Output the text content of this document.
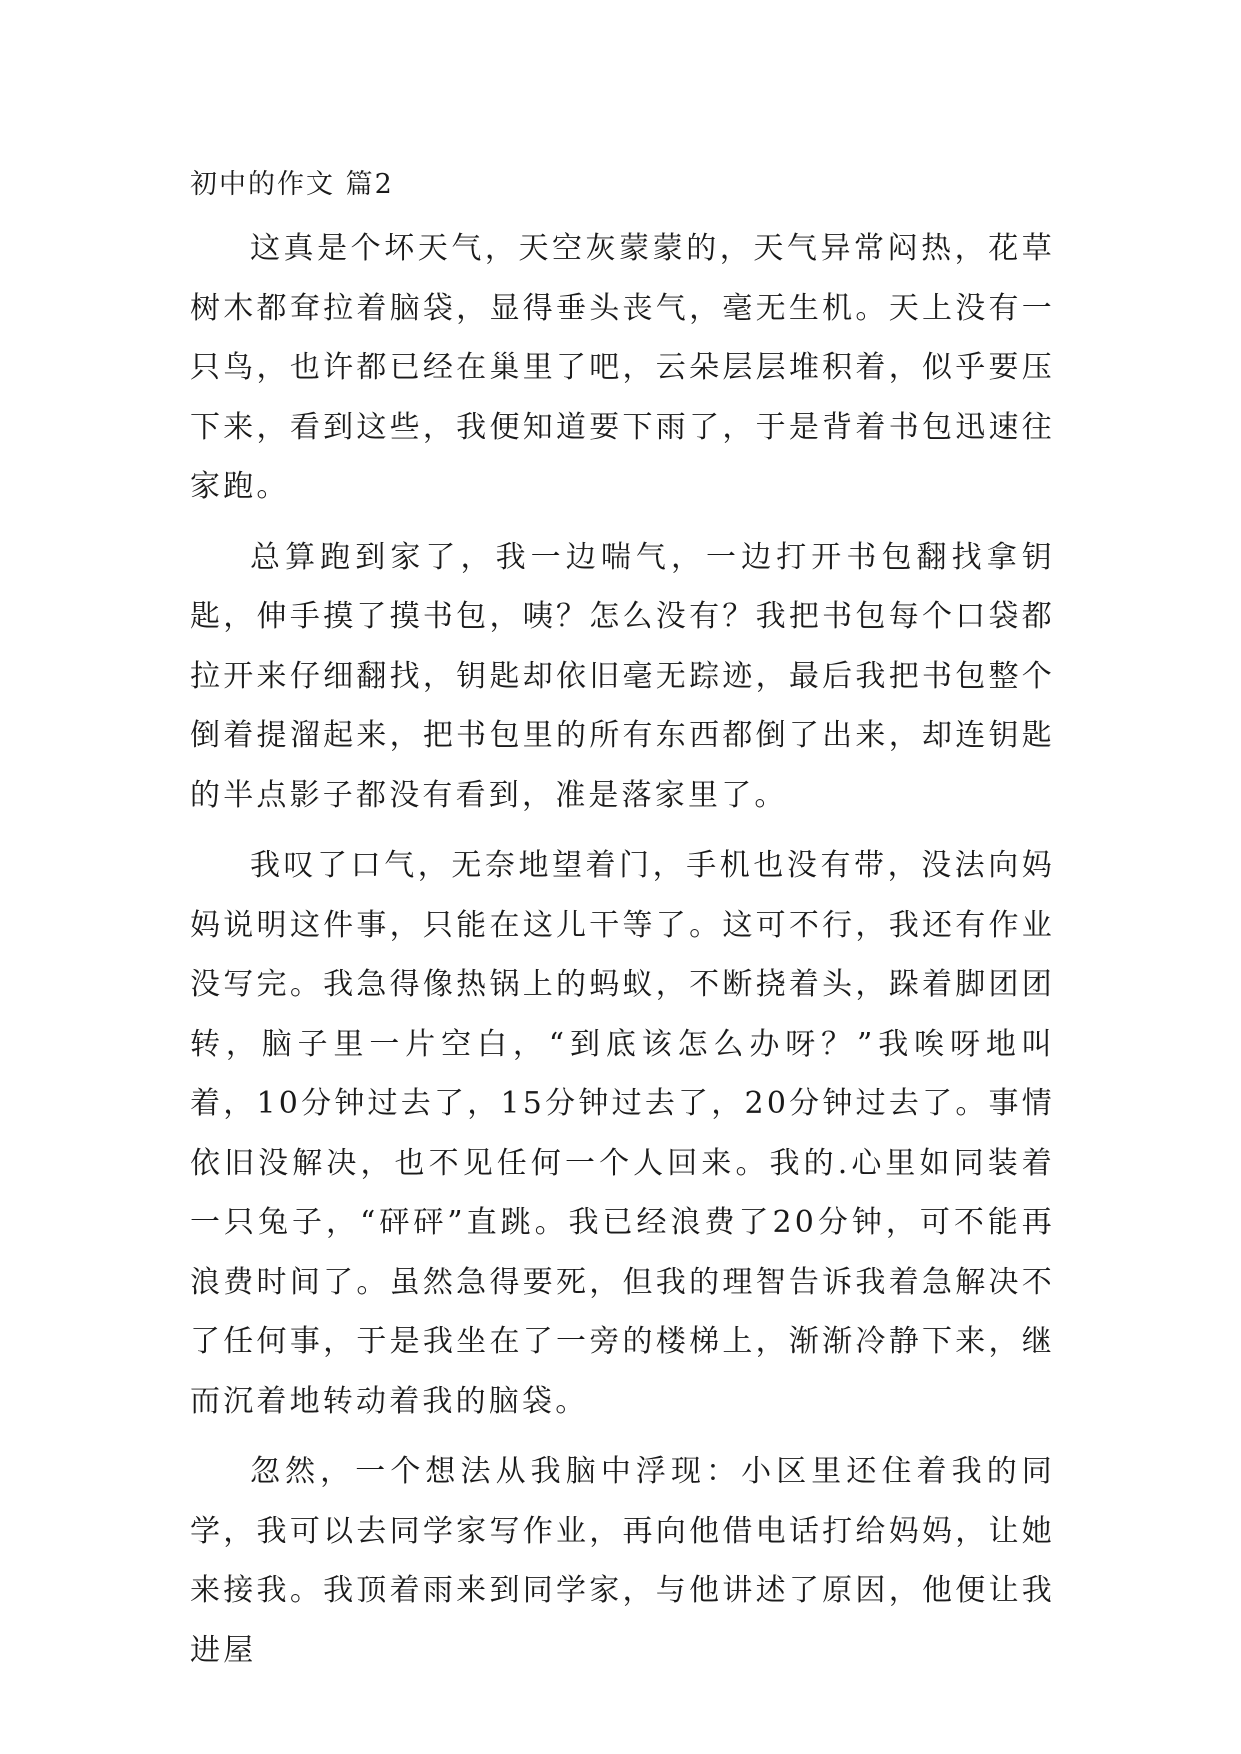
初中的作文 篇2

这真是个坏天气，天空灰蒙蒙的，天气异常闷热，花草树木都耷拉着脑袋，显得垂头丧气，毫无生机。天上没有一只鸟，也许都已经在巢里了吧，云朵层层堆积着，似乎要压下来，看到这些，我便知道要下雨了，于是背着书包迅速往家跑。

总算跑到家了，我一边喘气，一边打开书包翻找拿钥匙，伸手摸了摸书包，咦？怎么没有？我把书包每个口袋都拉开来仔细翻找，钥匙却依旧毫无踪迹，最后我把书包整个倒着提溜起来，把书包里的所有东西都倒了出来，却连钥匙的半点影子都没有看到，准是落家里了。

我叹了口气，无奈地望着门，手机也没有带，没法向妈妈说明这件事，只能在这儿干等了。这可不行，我还有作业没写完。我急得像热锅上的蚂蚁，不断挠着头，跺着脚团团转，脑子里一片空白，“到底该怎么办呀？”我唉呀地叫着，10分钟过去了，15分钟过去了，20分钟过去了。事情依旧没解决，也不见任何一个人回来。我的.心里如同装着一只兔子，“砰砰”直跳。我已经浪费了20分钟，可不能再浪费时间了。虽然急得要死，但我的理智告诉我着急解决不了任何事，于是我坐在了一旁的楼梯上，渐渐冷静下来，继而沉着地转动着我的脑袋。

忽然，一个想法从我脑中浮现：小区里还住着我的同学，我可以去同学家写作业，再向他借电话打给妈妈，让她来接我。我顶着雨来到同学家，与他讲述了原因，他便让我进屋
